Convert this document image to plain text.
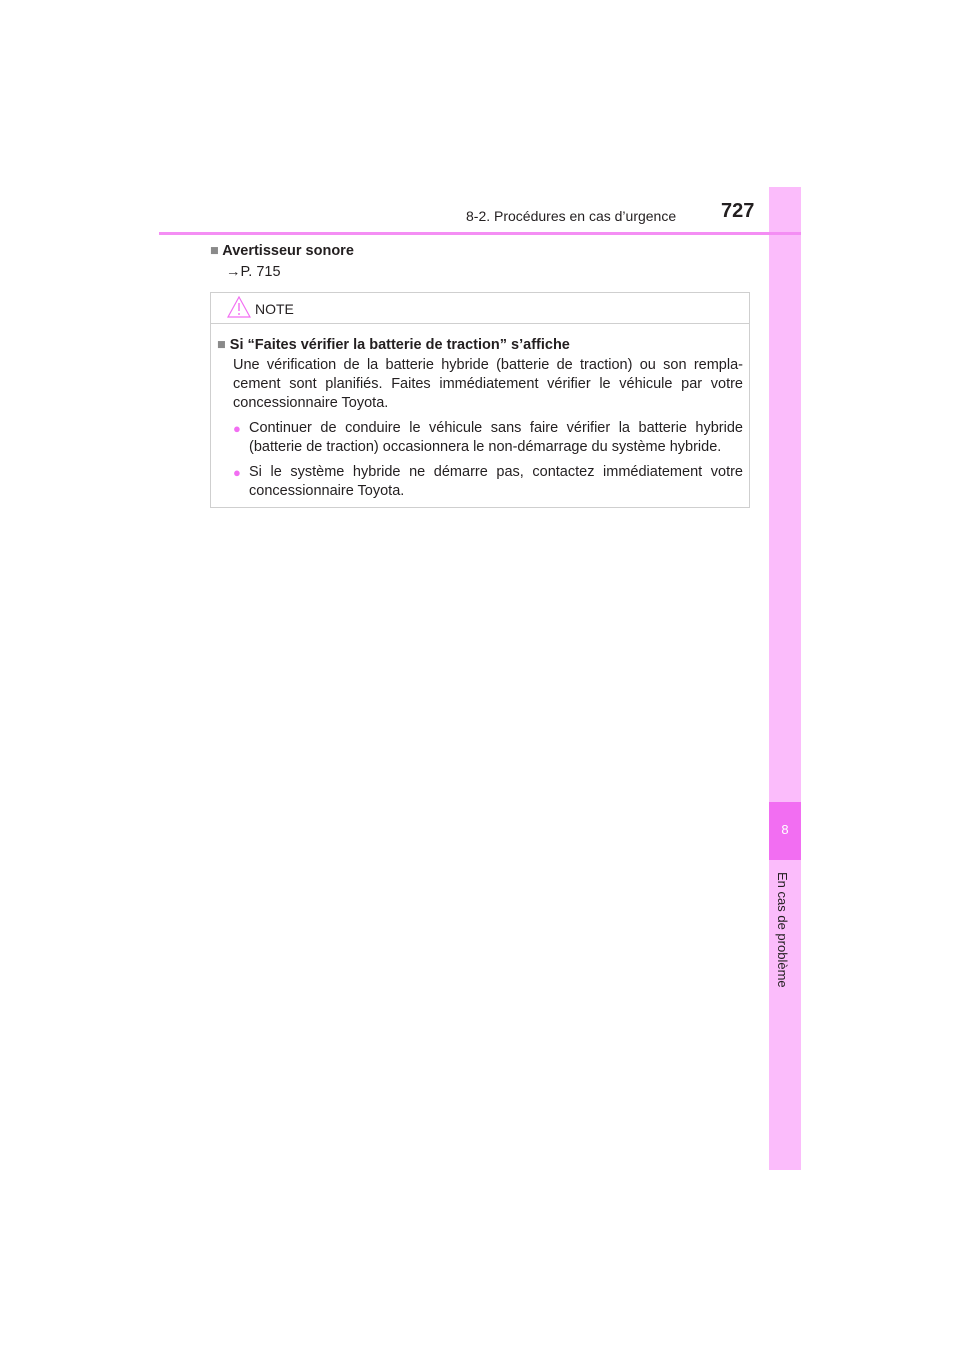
8
En cas de problème
8-2. Procédures en cas d’urgence 727
■ Avertisseur sonore
→P. 715
NOTE
■ Si “Faites vérifier la batterie de traction” s’affiche
Une vérification de la batterie hybride (batterie de traction) ou son remplacement sont planifiés. Faites immédiatement vérifier le véhicule par votre concessionnaire Toyota.
● Continuer de conduire le véhicule sans faire vérifier la batterie hybride (batterie de traction) occasionnera le non-démarrage du système hybride.
● Si le système hybride ne démarre pas, contactez immédiatement votre concessionnaire Toyota.
